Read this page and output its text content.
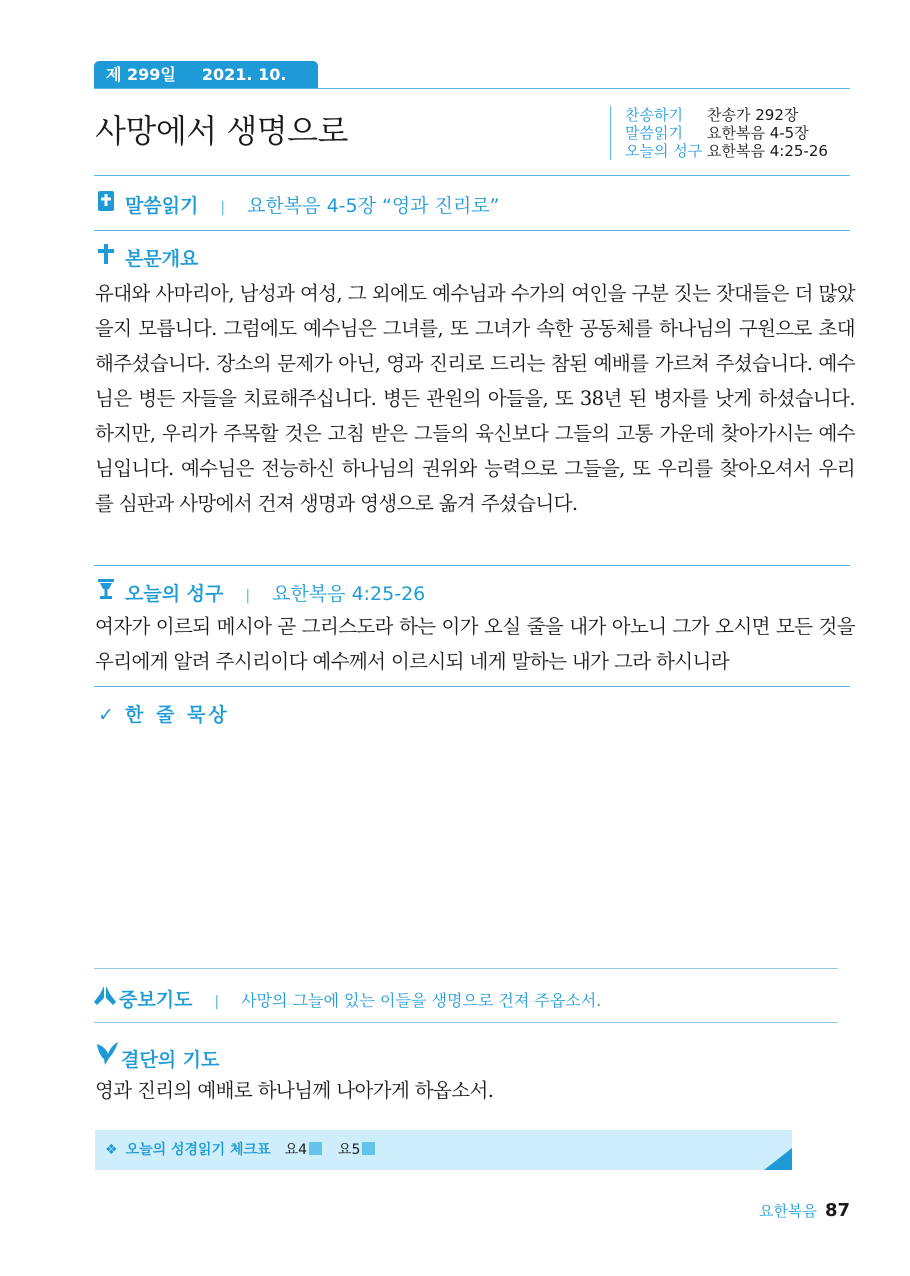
제 299일 2021. 10. 26. 화
사망에서 생명으로	찬송하기 찬송가 292장
말씀읽기 요한복음 4-5장
오늘의 성구 요한복음 4:25-26
말씀읽기 | 요한복음 4-5장 “영과 진리로”
본문개요
유대와 사마리아, 남성과 여성, 그 외에도 예수님과 수가의 여인을 구분 짓는 잣대들은 더 많았을지 모릅니다. 그럼에도 예수님은 그녀를, 또 그녀가 속한 공동체를 하나님의 구원으로 초대해주셨습니다. 장소의 문제가 아닌, 영과 진리로 드리는 참된 예배를 가르쳐 주셨습니다. 예수님은 병든 자들을 치료해주십니다. 병든 관원의 아들을, 또 38년 된 병자를 낫게 하셨습니다. 하지만, 우리가 주목할 것은 고침 받은 그들의 육신보다 그들의 고통 가운데 찾아가시는 예수님입니다. 예수님은 전능하신 하나님의 권위와 능력으로 그들을, 또 우리를 찾아오셔서 우리를 심판과 사망에서 건져 생명과 영생으로 옮겨 주셨습니다.
오늘의 성구 | 요한복음 4:25-26
여자가 이르되 메시아 곧 그리스도라 하는 이가 오실 줄을 내가 아노니 그가 오시면 모든 것을 우리에게 알려 주시리이다 예수께서 이르시되 네게 말하는 내가 그라 하시니라
✓ 한 줄 묵상
중보기도 | 사망의 그늘에 있는 이들을 생명으로 건져 주옵소서.
결단의 기도
영과 진리의 예배로 하나님께 나아가게 하옵소서.
❖ 오늘의 성경읽기 체크표 요4 요5
요한복음 87
